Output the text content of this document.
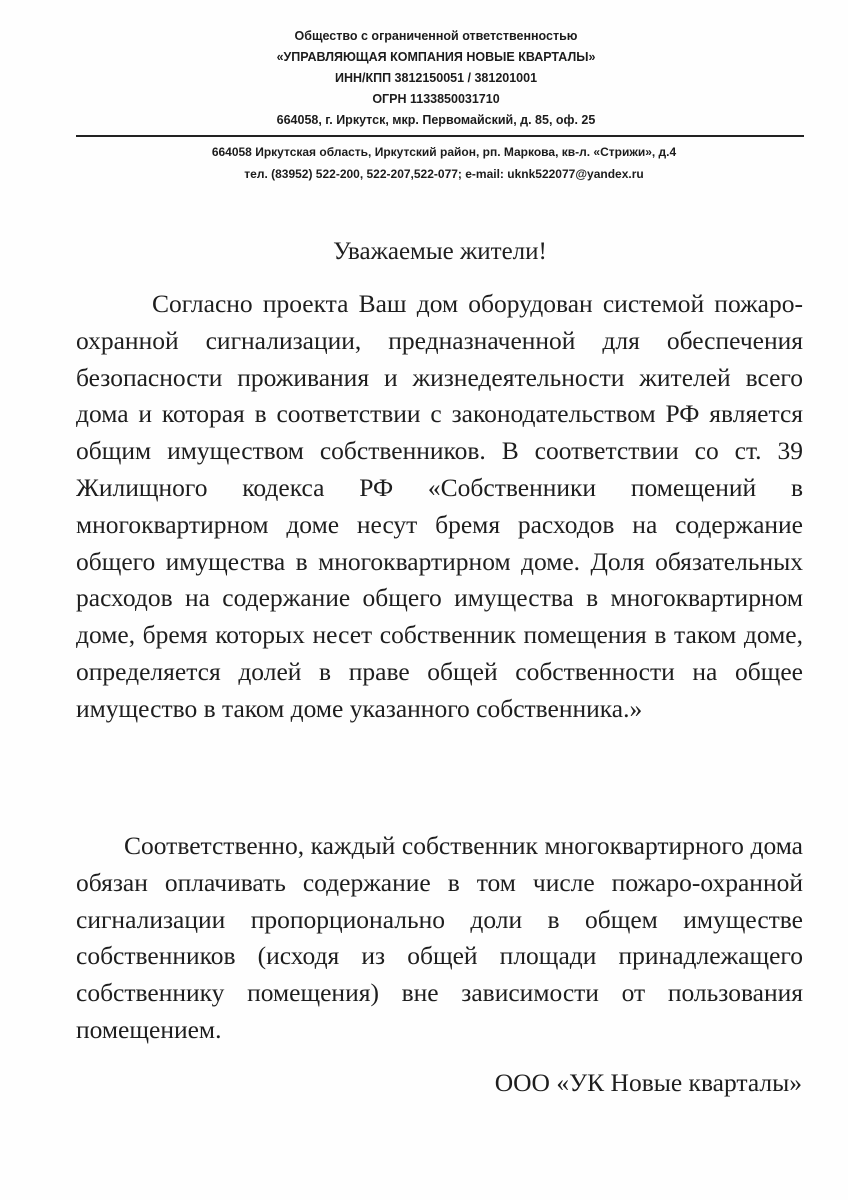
Общество с ограниченной ответственностью
«УПРАВЛЯЮЩАЯ КОМПАНИЯ НОВЫЕ КВАРТАЛЫ»
ИНН/КПП 3812150051 / 381201001
ОГРН 1133850031710
664058, г. Иркутск, мкр. Первомайский, д. 85, оф. 25
664058 Иркутская область, Иркутский район, рп. Маркова, кв-л. «Стрижи», д.4
тел. (83952) 522-200, 522-207,522-077; e-mail: uknk522077@yandex.ru
Уважаемые жители!

Согласно проекта Ваш дом оборудован системой пожаро-охранной сигнализации, предназначенной для обеспечения безопасности проживания и жизнедеятельности жителей всего дома и которая в соответствии с законодательством РФ является общим имуществом собственников. В соответствии со ст. 39 Жилищного кодекса РФ «Собственники помещений в многоквартирном доме несут бремя расходов на содержание общего имущества в многоквартирном доме. Доля обязательных расходов на содержание общего имущества в многоквартирном доме, бремя которых несет собственник помещения в таком доме, определяется долей в праве общей собственности на общее имущество в таком доме указанного собственника.»

Соответственно, каждый собственник многоквартирного дома обязан оплачивать содержание в том числе пожаро-охранной сигнализации пропорционально доли в общем имуществе собственников (исходя из общей площади принадлежащего собственнику помещения) вне зависимости от пользования помещением.

ООО «УК Новые кварталы»
